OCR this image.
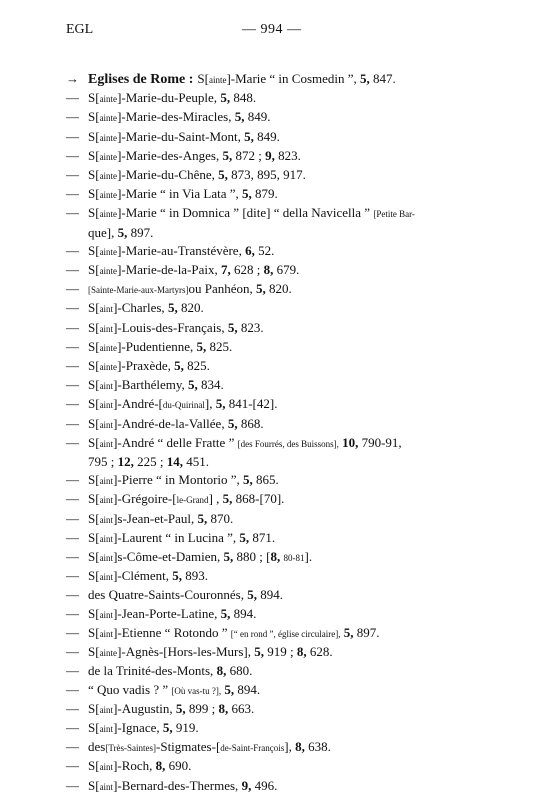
EGL	— 994 —
→ Eglises de Rome : S[ainte]-Marie “ in Cosmedin ”, 5, 847.
— S[ainte]-Marie-du-Peuple, 5, 848.
— S[ainte]-Marie-des-Miracles, 5, 849.
— S[ainte]-Marie-du-Saint-Mont, 5, 849.
— S[ainte]-Marie-des-Anges, 5, 872 ; 9, 823.
— S[ainte]-Marie-du-Chêne, 5, 873, 895, 917.
— S[ainte]-Marie “ in Via Lata ”, 5, 879.
— S[ainte]-Marie “ in Domnica ” [dite] “ della Navicella ” [Petite Bar-
que], 5, 897.
— S[ainte]-Marie-au-Transtévère, 6, 52.
— S[ainte]-Marie-de-la-Paix, 7, 628 ; 8, 679.
— [Sainte-Marie-aux-Martyrs]ou Panhéon, 5, 820.
— S[aint]-Charles, 5, 820.
— S[aint]-Louis-des-Français, 5, 823.
— S[ainte]-Pudentienne, 5, 825.
— S[ainte]-Praxède, 5, 825.
— S[aint]-Barthélemy, 5, 834.
— S[aint]-André-[du-Quirinal], 5, 841-[42].
— S[aint]-André-de-la-Vallée, 5, 868.
— S[aint]-André “ delle Fratte ” [des Fourrés, des Buissons], 10, 790-91,
795 ; 12, 225 ; 14, 451.
— S[aint]-Pierre “ in Montorio ”, 5, 865.
— S[aint]-Grégoire-[le-Grand] , 5, 868-[70].
— S[aint]s-Jean-et-Paul, 5, 870.
— S[aint]-Laurent “ in Lucina ”, 5, 871.
— S[aint]s-Côme-et-Damien, 5, 880 ; [8, 80-81].
— S[aint]-Clément, 5, 893.
— des Quatre-Saints-Couronnés, 5, 894.
— S[aint]-Jean-Porte-Latine, 5, 894.
— S[aint]-Etienne “ Rotondo ” [“ en rond ”, église circulaire], 5, 897.
— S[ainte]-Agnès-[Hors-les-Murs], 5, 919 ; 8, 628.
— de la Trinité-des-Monts, 8, 680.
— “ Quo vadis ? ” [Où vas-tu ?], 5, 894.
— S[aint]-Augustin, 5, 899 ; 8, 663.
— S[aint]-Ignace, 5, 919.
— des[Très-Saintes]-Stigmates-[de-Saint-François], 8, 638.
— S[aint]-Roch, 8, 690.
— S[aint]-Bernard-des-Thermes, 9, 496.
